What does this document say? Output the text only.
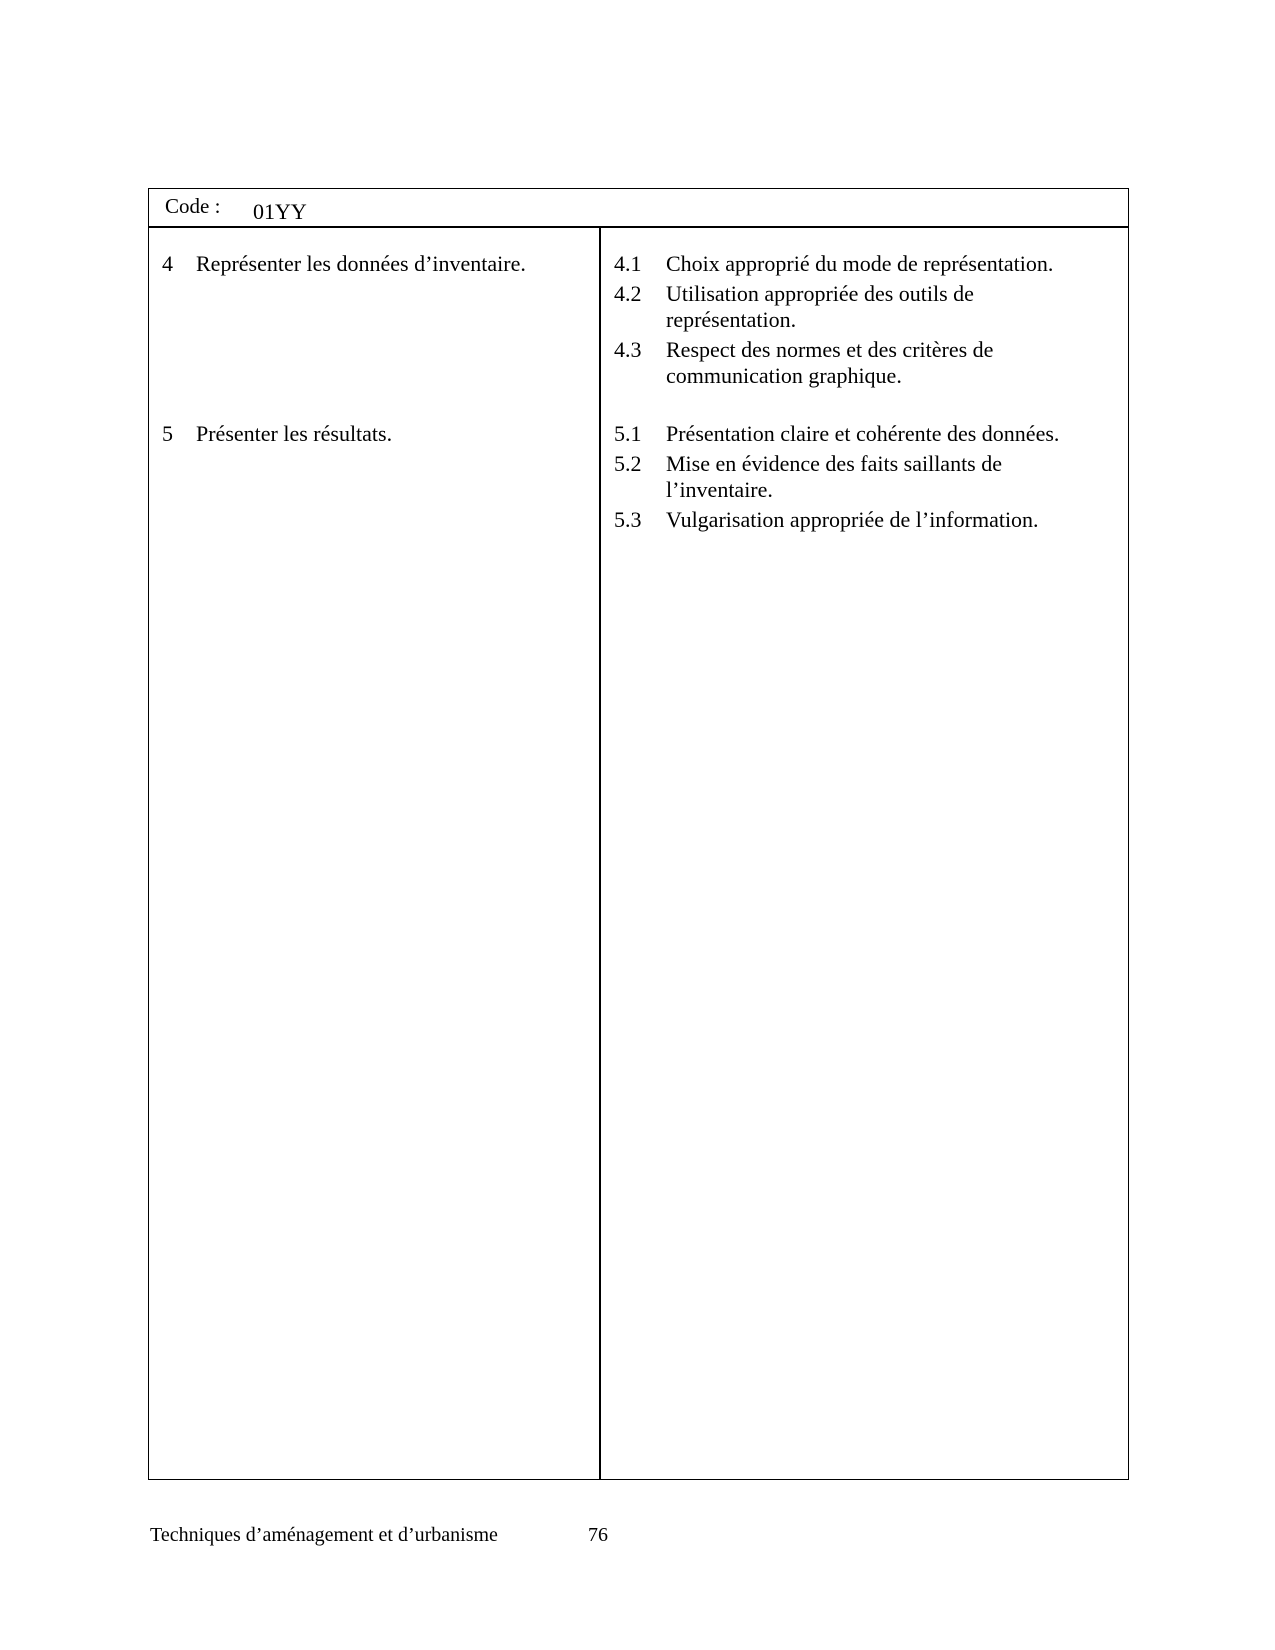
Code : 01YY
4	Représenter les données d’inventaire.	4.1	Choix approprié du mode de représentation.
4.2	Utilisation appropriée des outils de représentation.
4.3	Respect des normes et des critères de communication graphique.
5	Présenter les résultats.	5.1	Présentation claire et cohérente des données.
5.2	Mise en évidence des faits saillants de l’inventaire.
5.3	Vulgarisation appropriée de l’information.
Techniques d’aménagement et d’urbanisme	76
